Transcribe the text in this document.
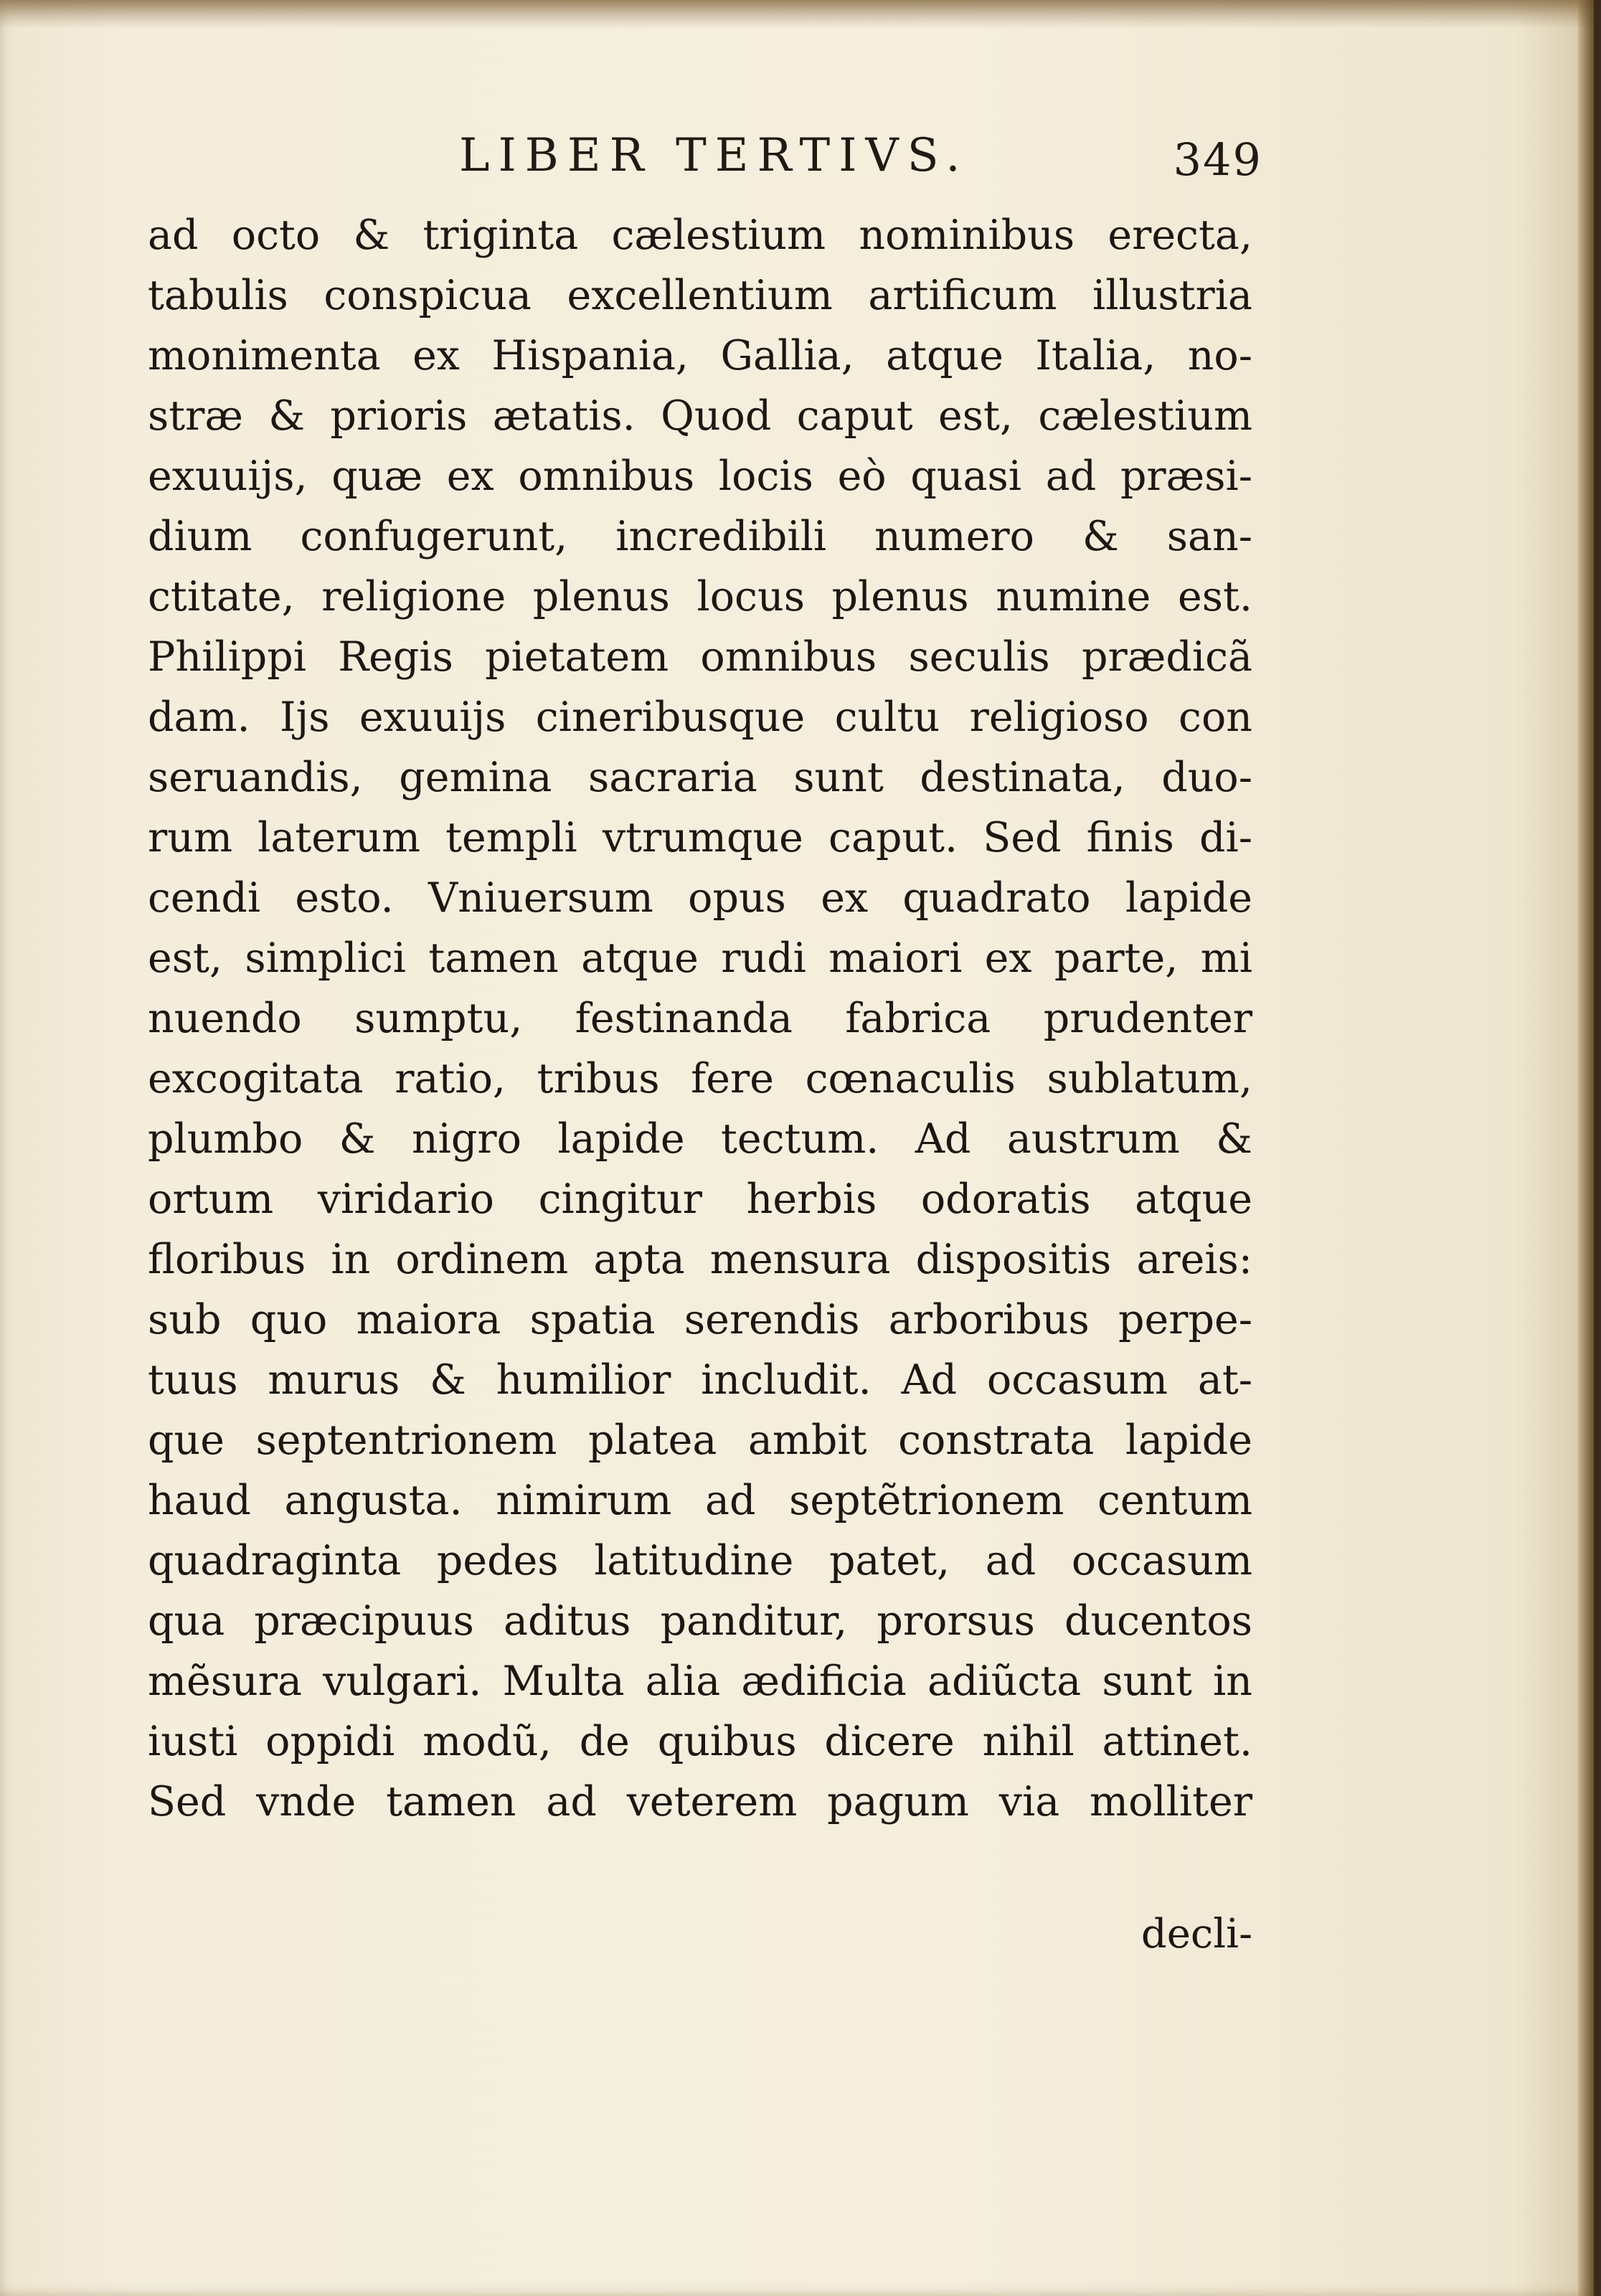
LIBER TERTIVS.	349
ad octo & triginta cælestium nominibus erecta,
tabulis conspicua excellentium artificum illustria
monimenta ex Hispania, Gallia, atque Italia, no-
stræ & prioris ætatis. Quod caput est, cælestium
exuuijs, quæ ex omnibus locis eò quasi ad præsi-
dium confugerunt, incredibili numero & san-
ctitate, religione plenus locus plenus numine est.
Philippi Regis pietatem omnibus seculis prædicã
dam. Ijs exuuijs cineribusque cultu religioso con
seruandis, gemina sacraria sunt destinata, duo-
rum laterum templi vtrumque caput. Sed finis di-
cendi esto. Vniuersum opus ex quadrato lapide
est, simplici tamen atque rudi maiori ex parte, mi
nuendo sumptu, festinanda fabrica prudenter
excogitata ratio, tribus fere cœnaculis sublatum,
plumbo & nigro lapide tectum. Ad austrum &
ortum viridario cingitur herbis odoratis atque
floribus in ordinem apta mensura dispositis areis:
sub quo maiora spatia serendis arboribus perpe-
tuus murus & humilior includit. Ad occasum at-
que septentrionem platea ambit constrata lapide
haud angusta. nimirum ad septẽtrionem centum
quadraginta pedes latitudine patet, ad occasum
qua præcipuus aditus panditur, prorsus ducentos
mẽsura vulgari. Multa alia ædificia adiũcta sunt in
iusti oppidi modũ, de quibus dicere nihil attinet.
Sed vnde tamen ad veterem pagum via molliter
decli-
